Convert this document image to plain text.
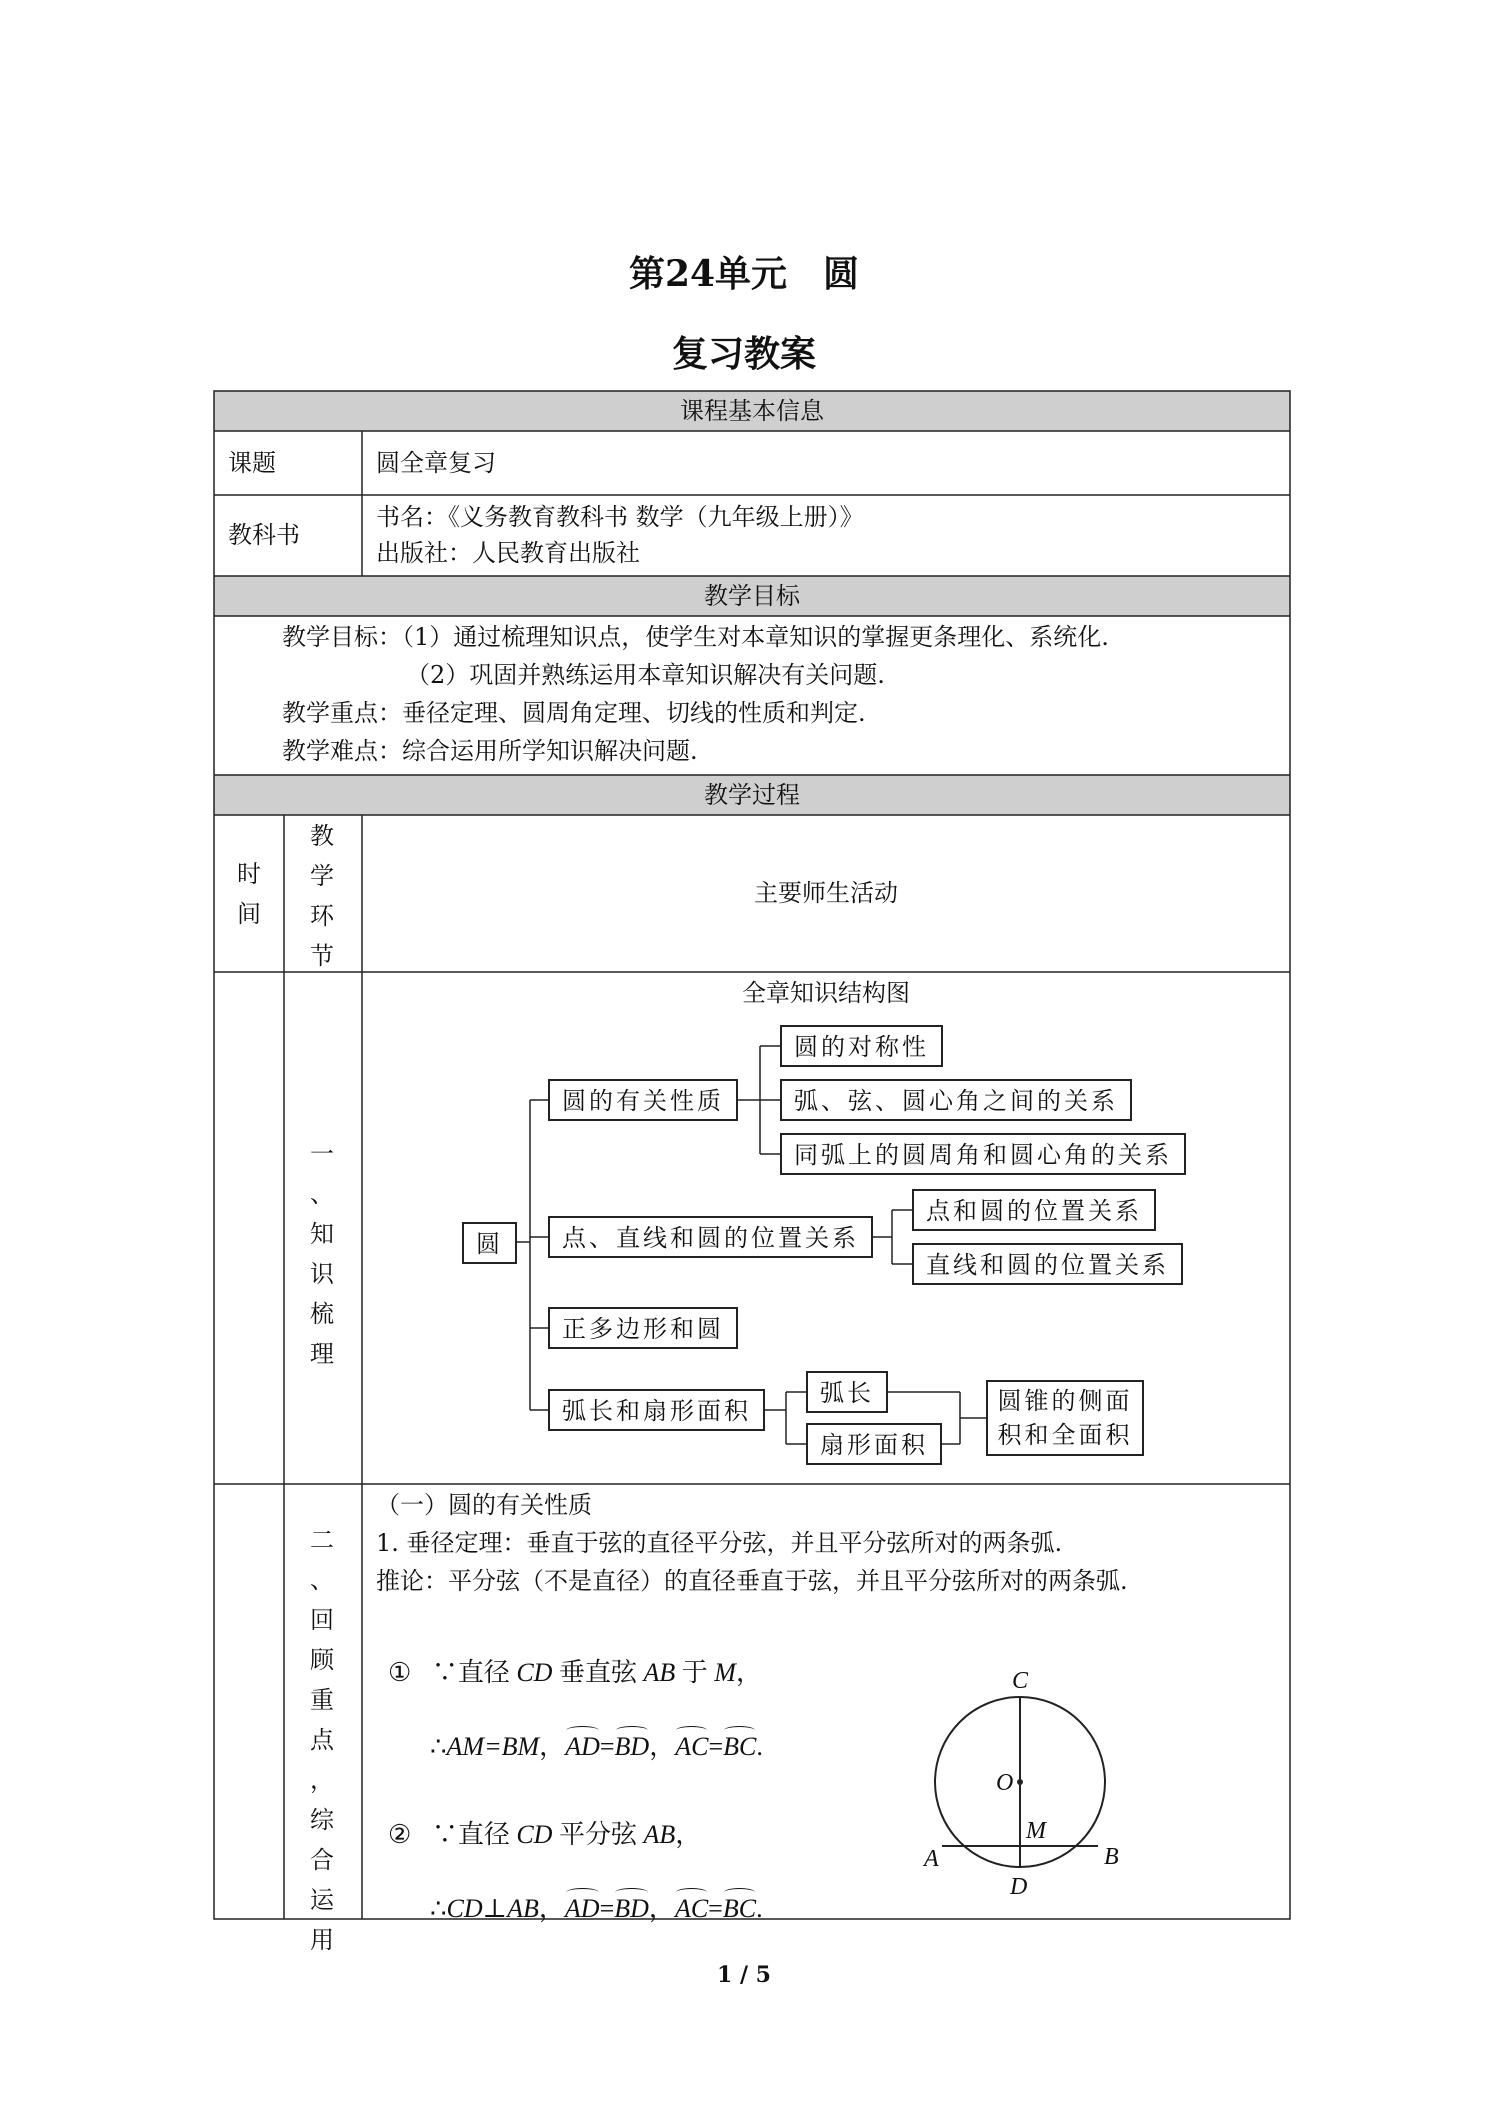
第24单元　圆
复习教案
课程基本信息
教学目标
教学过程
课题	圆全章复习
教科书
书名：《义务教育教科书 数学（九年级上册）》
出版社：人民教育出版社
教学目标：（1）通过梳理知识点，使学生对本章知识的掌握更条理化、系统化.
（2）巩固并熟练运用本章知识解决有关问题.
教学重点：垂径定理、圆周角定理、切线的性质和判定.
教学难点：综合运用所学知识解决问题.
时
间
教
学
环
节
主要师生活动
一
、
知
识
梳
理
全章知识结构图
圆
圆的有关性质
圆的对称性
弧、弦、圆心角之间的关系
同弧上的圆周角和圆心角的关系
点、直线和圆的位置关系
点和圆的位置关系
直线和圆的位置关系
正多边形和圆
弧长和扇形面积
弧长
扇形面积
圆锥的侧面
积和全面积
二
、
回
顾
重
点
，
综
合
运
用
（一）圆的有关性质
1. 垂径定理：垂直于弦的直径平分弦，并且平分弦所对的两条弧.
推论：平分弦（不是直径）的直径垂直于弦，并且平分弦所对的两条弧.
① ∵直径 CD 垂直弦 AB 于 M，
∴AM=BM，AD=BD，AC=BC.
② ∵直径 CD 平分弦 AB，
∴CD⊥AB，AD=BD，AC=BC.
C
O
M
A	B
D
1 / 5
